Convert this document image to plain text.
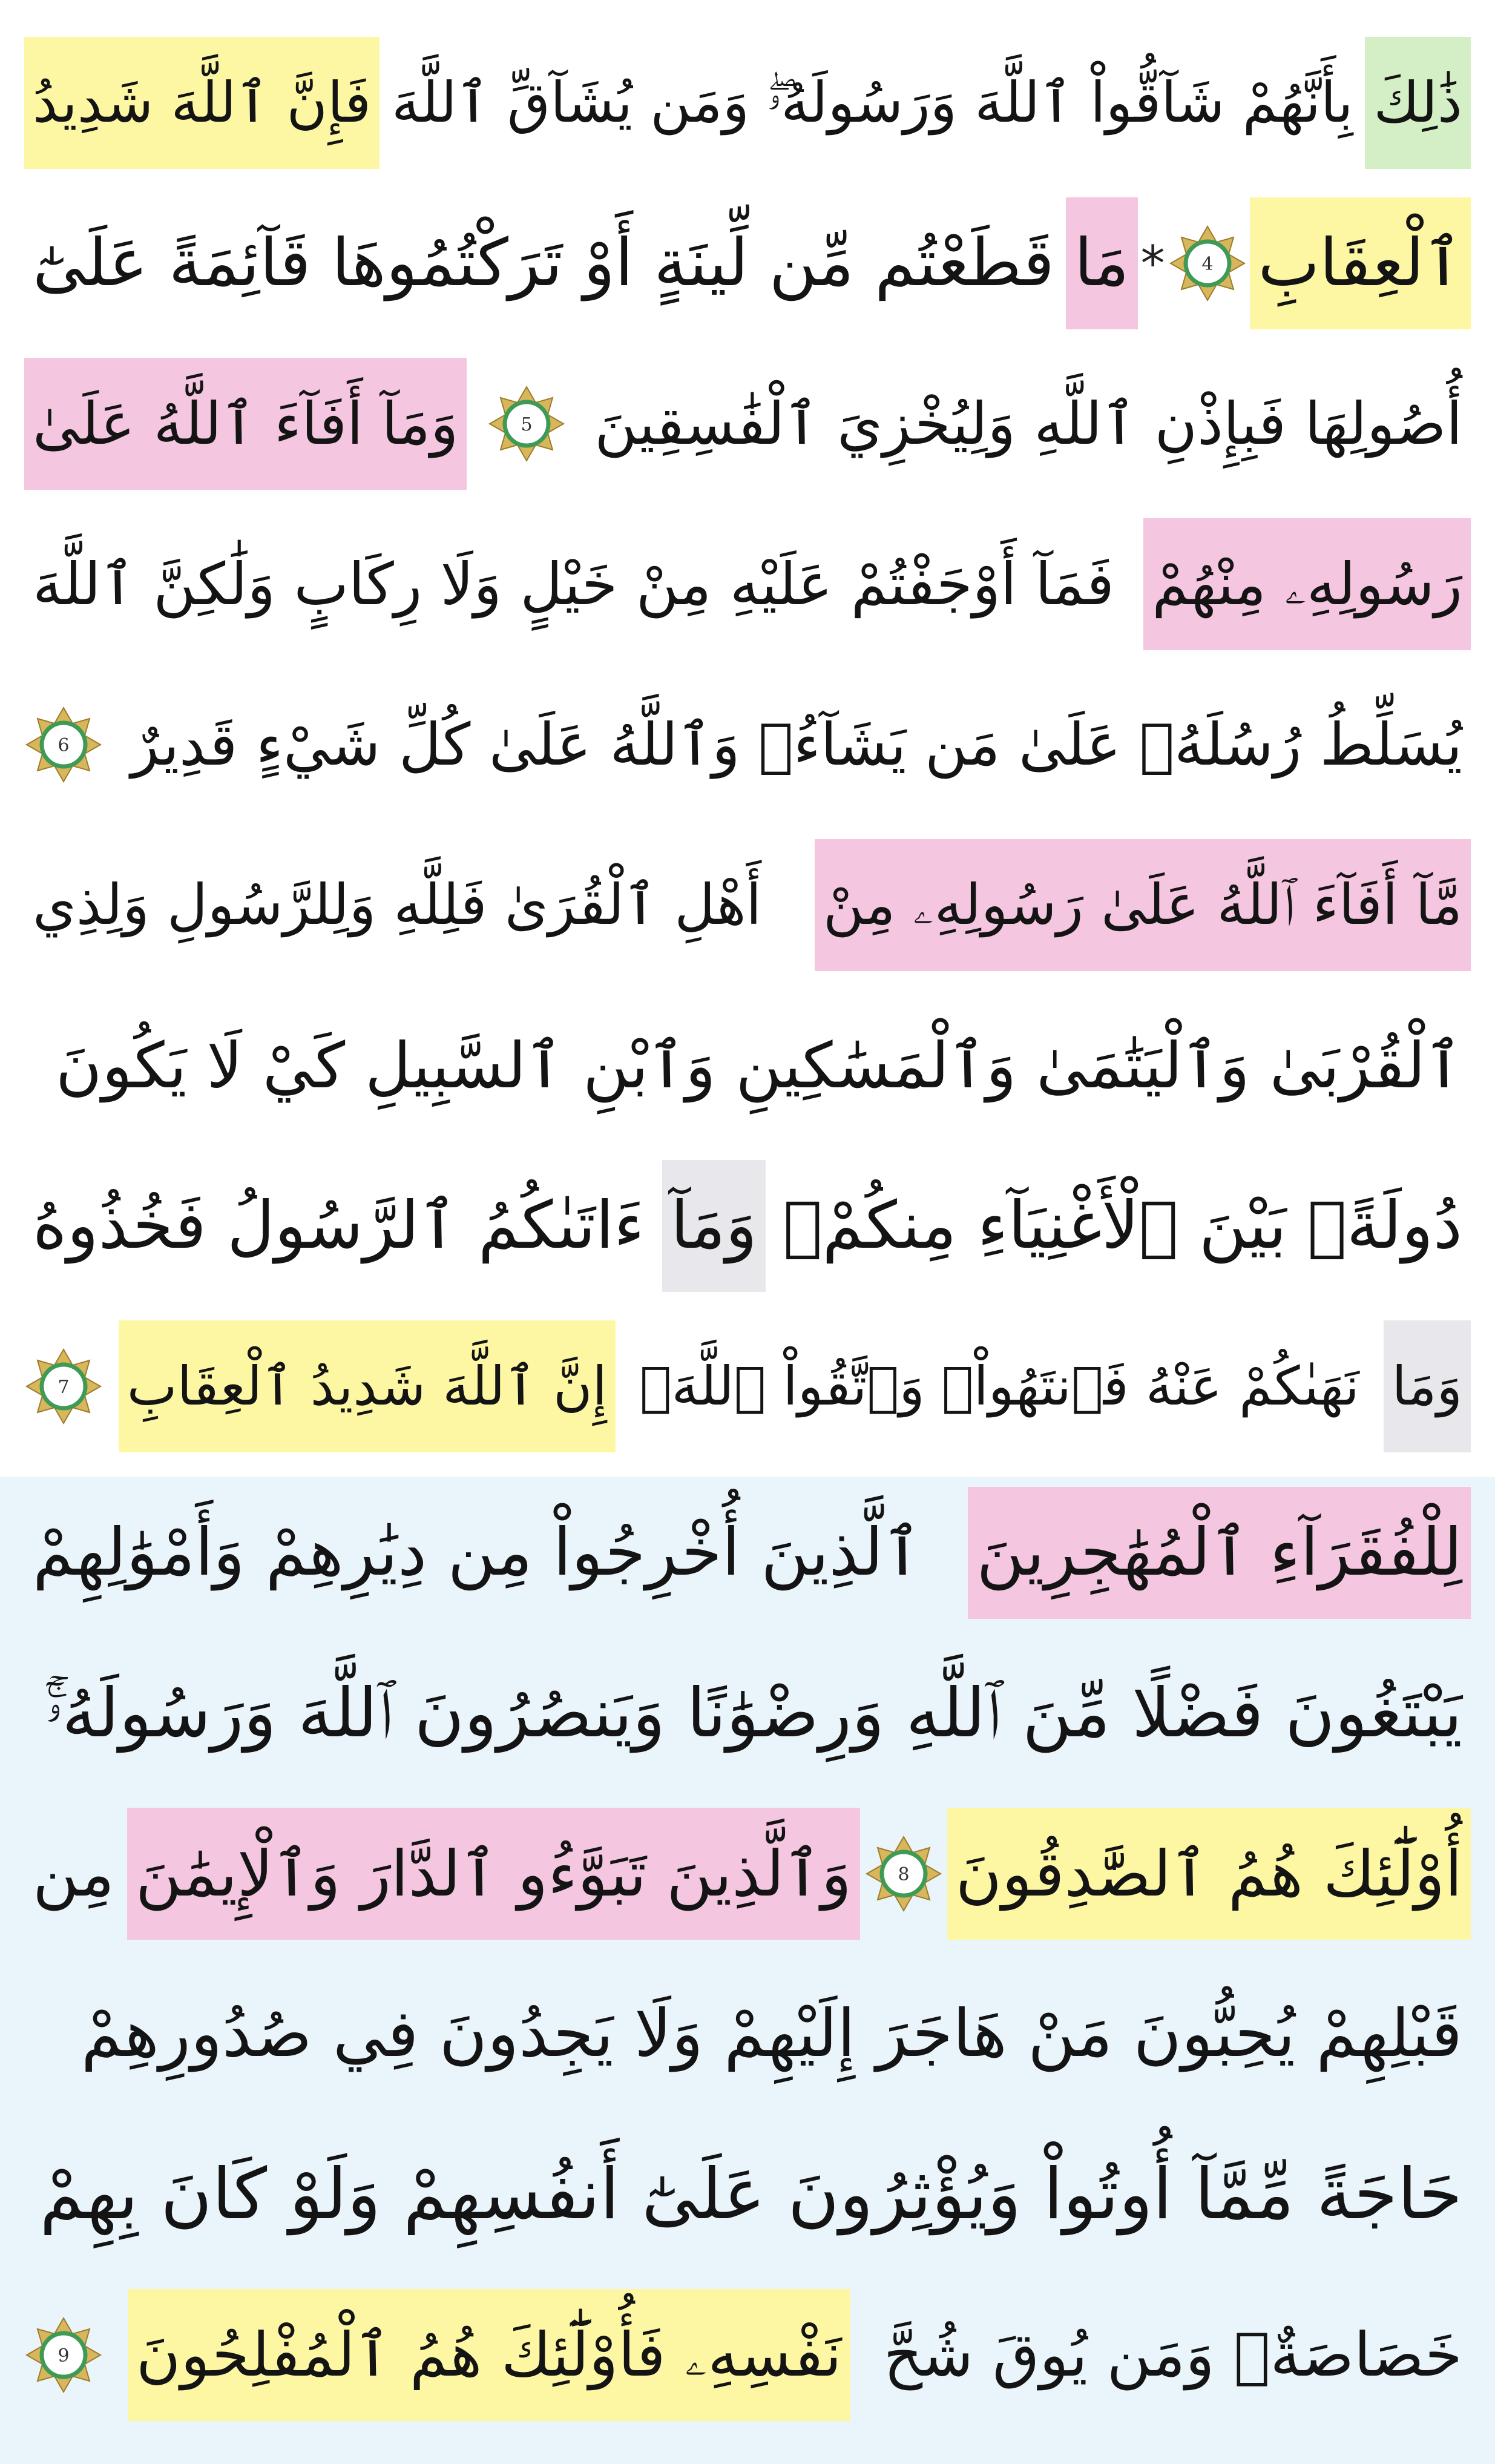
ذَٰلِكَ
بِأَنَّهُمْ شَآقُّواْ ٱللَّهَ وَرَسُولَهُۥۖ وَمَن يُشَآقِّ ٱللَّهَ
فَإِنَّ ٱللَّهَ شَدِيدُ
ٱلْعِقَابِ
4
*
مَا
قَطَعْتُم مِّن لِّينَةٍ أَوْ تَرَكْتُمُوهَا قَآئِمَةً عَلَىٰٓ
أُصُولِهَا فَبِإِذْنِ ٱللَّهِ وَلِيُخْزِيَ ٱلْفَٰسِقِينَ
5
وَمَآ أَفَآءَ ٱللَّهُ عَلَىٰ
رَسُولِهِۦ مِنْهُمْ
فَمَآ أَوْجَفْتُمْ عَلَيْهِ مِنْ خَيْلٍ وَلَا رِكَابٍ وَلَٰكِنَّ ٱللَّهَ
يُسَلِّطُ رُسُلَهُۥ عَلَىٰ مَن يَشَآءُۚ وَٱللَّهُ عَلَىٰ كُلِّ شَيْءٍ قَدِيرٌ
6
مَّآ أَفَآءَ ٱللَّهُ عَلَىٰ رَسُولِهِۦ مِنْ
أَهْلِ ٱلْقُرَىٰ فَلِلَّهِ وَلِلرَّسُولِ وَلِذِي
ٱلْقُرْبَىٰ وَٱلْيَتَٰمَىٰ وَٱلْمَسَٰكِينِ وَٱبْنِ ٱلسَّبِيلِ كَيْ لَا يَكُونَ
دُولَةًۢ بَيْنَ ٱلْأَغْنِيَآءِ مِنكُمْۚ
وَمَآ
ءَاتَىٰكُمُ ٱلرَّسُولُ فَخُذُوهُ
وَمَا
نَهَىٰكُمْ عَنْهُ فَٱنتَهُواْۚ وَٱتَّقُواْ ٱللَّهَۖ
إِنَّ ٱللَّهَ شَدِيدُ ٱلْعِقَابِ
7
لِلْفُقَرَآءِ ٱلْمُهَٰجِرِينَ
ٱلَّذِينَ أُخْرِجُواْ مِن دِيَٰرِهِمْ وَأَمْوَٰلِهِمْ
يَبْتَغُونَ فَضْلًا مِّنَ ٱللَّهِ وَرِضْوَٰنًا وَيَنصُرُونَ ٱللَّهَ وَرَسُولَهُۥٓۚ
أُوْلَٰٓئِكَ هُمُ ٱلصَّٰدِقُونَ
8
وَٱلَّذِينَ تَبَوَّءُو ٱلدَّارَ وَٱلْإِيمَٰنَ
مِن
قَبْلِهِمْ يُحِبُّونَ مَنْ هَاجَرَ إِلَيْهِمْ وَلَا يَجِدُونَ فِي صُدُورِهِمْ
حَاجَةً مِّمَّآ أُوتُواْ وَيُؤْثِرُونَ عَلَىٰٓ أَنفُسِهِمْ وَلَوْ كَانَ بِهِمْ
خَصَاصَةٌۚ وَمَن يُوقَ شُحَّ
نَفْسِهِۦ فَأُوْلَٰٓئِكَ هُمُ ٱلْمُفْلِحُونَ
9
